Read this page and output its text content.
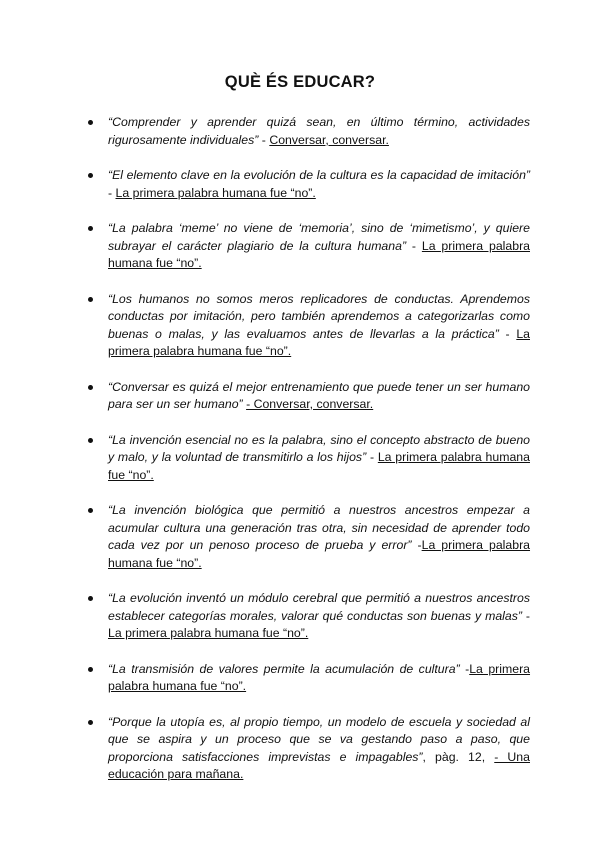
QUÈ ÉS EDUCAR?
“Comprender y aprender quizá sean, en último término, actividades rigurosamente individuales” - Conversar, conversar.
“El elemento clave en la evolución de la cultura es la capacidad de imitación” - La primera palabra humana fue “no”.
“La palabra ‘meme’ no viene de ‘memoria’, sino de ‘mimetismo’, y quiere subrayar el carácter plagiario de la cultura humana” - La primera palabra humana fue “no”.
“Los humanos no somos meros replicadores de conductas. Aprendemos conductas por imitación, pero también aprendemos a categorizarlas como buenas o malas, y las evaluamos antes de llevarlas a la práctica” - La primera palabra humana fue “no”.
“Conversar es quizá el mejor entrenamiento que puede tener un ser humano para ser un ser humano” - Conversar, conversar.
“La invención esencial no es la palabra, sino el concepto abstracto de bueno y malo, y la voluntad de transmitirlo a los hijos” - La primera palabra humana fue “no”.
“La invención biológica que permitió a nuestros ancestros empezar a acumular cultura una generación tras otra, sin necesidad de aprender todo cada vez por un penoso proceso de prueba y error” -La primera palabra humana fue “no”.
“La evolución inventó un módulo cerebral que permitió a nuestros ancestros establecer categorías morales, valorar qué conductas son buenas y malas” -La primera palabra humana fue “no”.
“La transmisión de valores permite la acumulación de cultura” -La primera palabra humana fue “no”.
“Porque la utopía es, al propio tiempo, un modelo de escuela y sociedad al que se aspira y un proceso que se va gestando paso a paso, que proporciona satisfacciones imprevistas e impagables”, pàg. 12, - Una educación para mañana.
